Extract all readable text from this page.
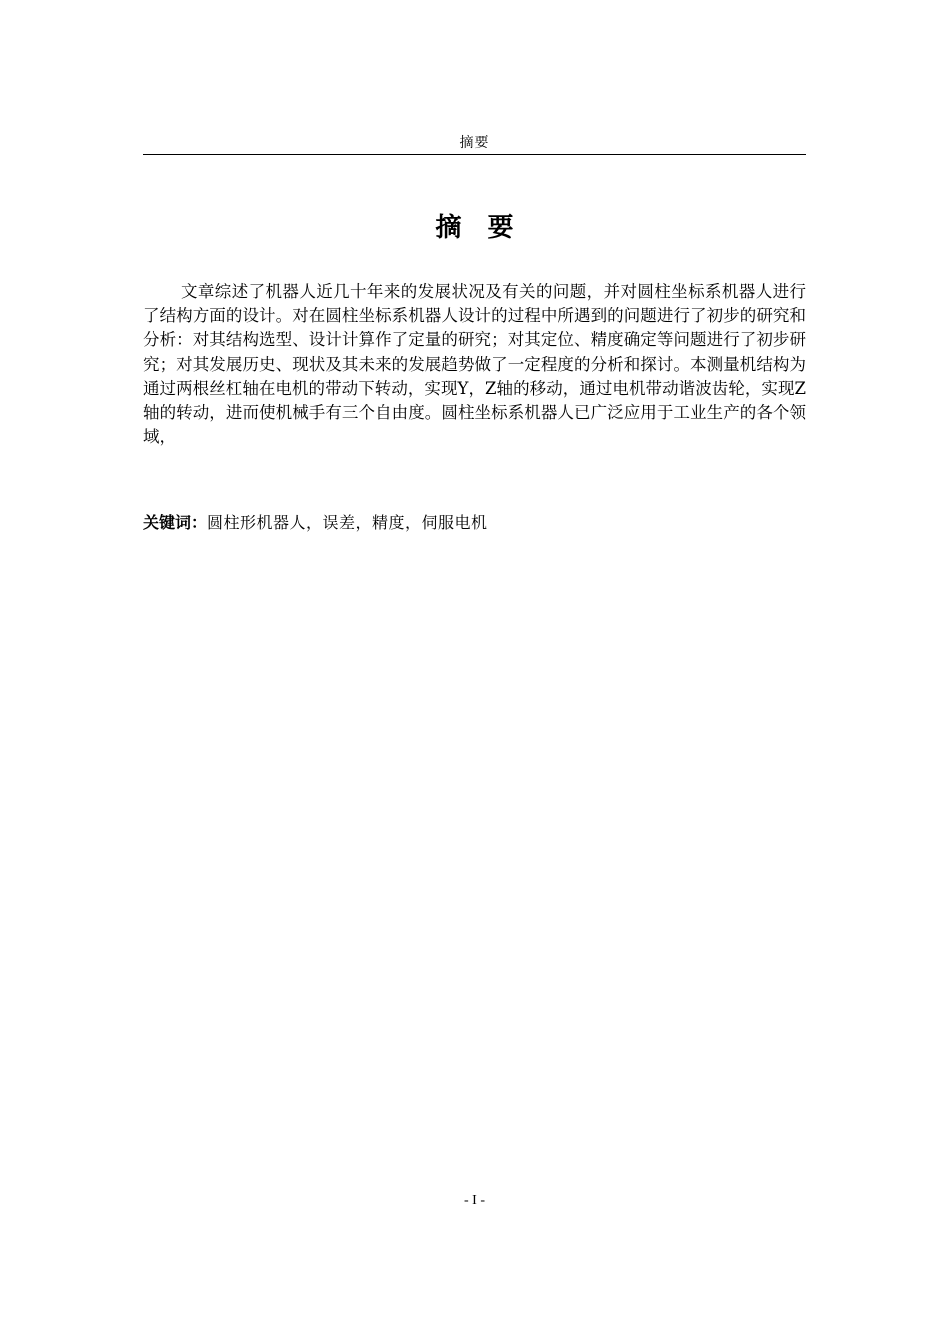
摘要
摘 要

文章综述了机器人近几十年来的发展状况及有关的问题，并对圆柱坐标系机器人进行了结构方面的设计。对在圆柱坐标系机器人设计的过程中所遇到的问题进行了初步的研究和分析：对其结构选型、设计计算作了定量的研究；对其定位、精度确定等问题进行了初步研究；对其发展历史、现状及其未来的发展趋势做了一定程度的分析和探讨。本测量机结构为通过两根丝杠轴在电机的带动下转动，实现Y，Z轴的移动，通过电机带动谐波齿轮，实现Z轴的转动，进而使机械手有三个自由度。圆柱坐标系机器人已广泛应用于工业生产的各个领域，

关键词：圆柱形机器人，误差，精度，伺服电机
- I -
